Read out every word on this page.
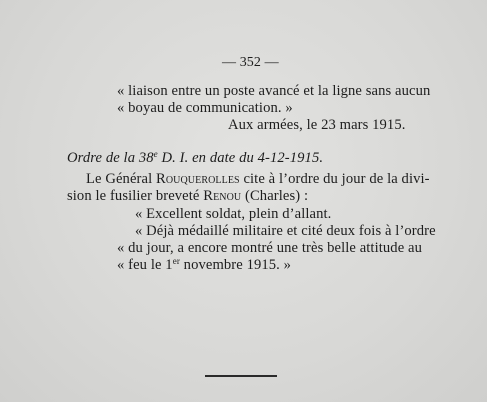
— 352 —
« liaison entre un poste avancé et la ligne sans aucun
« boyau de communication. »
Aux armées, le 23 mars 1915.
Ordre de la 38e D. I. en date du 4-12-1915.
Le Général Rouquerolles cite à l’ordre du jour de la divi-
sion le fusilier breveté Renou (Charles) :
« Excellent soldat, plein d’allant.
« Déjà médaillé militaire et cité deux fois à l’ordre
« du jour, a encore montré une très belle attitude au
« feu le 1er novembre 1915. »
